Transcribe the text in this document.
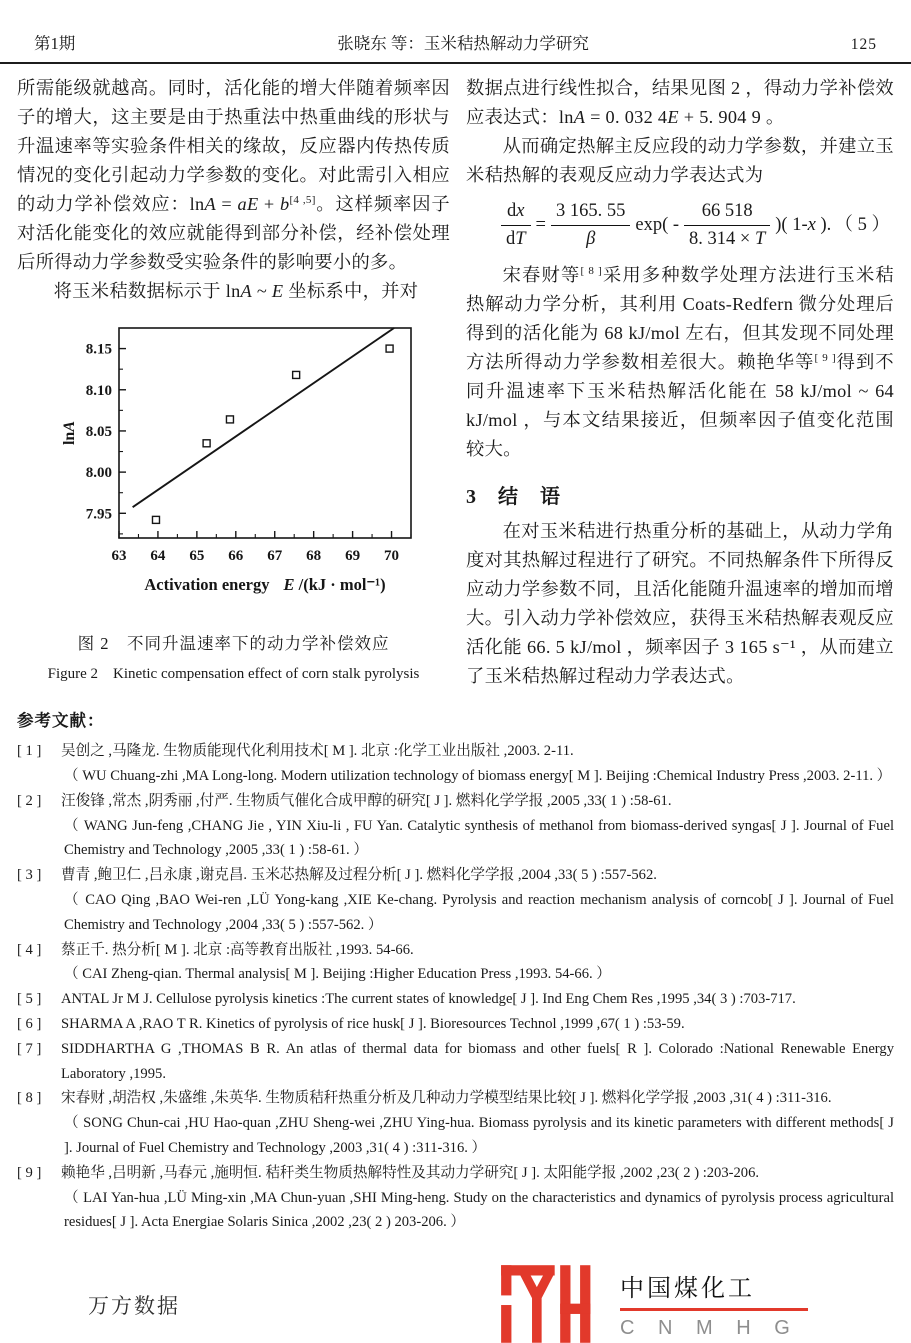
第1期	张晓东 等：玉米秸热解动力学研究	125

所需能级就越高。同时，活化能的增大伴随着频率因子的增大，这主要是由于热重法中热重曲线的形状与升温速率等实验条件相关的缘故，反应器内传热传质情况的变化引起动力学参数的变化。对此需引入相应的动力学补偿效应：lnA = aE + b[4 ,5]。这样频率因子对活化能变化的效应就能得到部分补偿，经补偿处理后所得动力学参数受实验条件的影响要小的多。

将玉米秸数据标示于 lnA ~ E 坐标系中，并对

63 64 65 66 67 68 69 70
7.95
8.00
8.05
8.10
8.15
Activation energy E /(kJ · mol⁻¹)
lnA
图 2　不同升温速率下的动力学补偿效应
Figure 2　Kinetic compensation effect of corn stalk pyrolysis

数据点进行线性拟合，结果见图 2 ，得动力学补偿效应表达式：lnA = 0. 032 4E + 5. 904 9 。

从而确定热解主反应段的动力学参数，并建立玉米秸热解的表观反应动力学表达式为

$\frac{dx}{dT} = \frac{3 165. 55}{\beta} \exp( - \frac{66 518}{8. 314 \times T}$ )( 1-x ). （ 5 ）

宋春财等[ 8 ]采用多种数学处理方法进行玉米秸热解动力学分析，其利用 Coats-Redfern 微分处理后得到的活化能为 68 kJ/mol 左右，但其发现不同处理方法所得动力学参数相差很大。赖艳华等[ 9 ]得到不同升温速率下玉米秸热解活化能在 58 kJ/mol ~ 64 kJ/mol ，与本文结果接近，但频率因子值变化范围较大。

3　结　语

在对玉米秸进行热重分析的基础上，从动力学角度对其热解过程进行了研究。不同热解条件下所得反应动力学参数不同，且活化能随升温速率的增加而增大。引入动力学补偿效应，获得玉米秸热解表观反应活化能 66. 5 kJ/mol ，频率因子 3 165 s⁻¹ ，从而建立了玉米秸热解过程动力学表达式。

参考文献：
[ 1 ]	吴创之 ,马隆龙. 生物质能现代化利用技术[ M ]. 北京 :化学工业出版社 ,2003. 2-11.
（ WU Chuang-zhi ,MA Long-long. Modern utilization technology of biomass energy[ M ]. Beijing :Chemical Industry Press ,2003. 2-11. ）
[ 2 ]	汪俊锋 ,常杰 ,阴秀丽 ,付严. 生物质气催化合成甲醇的研究[ J ]. 燃料化学学报 ,2005 ,33( 1 ) :58-61.
（ WANG Jun-feng ,CHANG Jie , YIN Xiu-li , FU Yan. Catalytic synthesis of methanol from biomass-derived syngas[ J ]. Journal of Fuel Chemistry and Technology ,2005 ,33( 1 ) :58-61. ）
[ 3 ]	曹青 ,鲍卫仁 ,吕永康 ,谢克昌. 玉米芯热解及过程分析[ J ]. 燃料化学学报 ,2004 ,33( 5 ) :557-562.
（ CAO Qing ,BAO Wei-ren ,LÜ Yong-kang ,XIE Ke-chang. Pyrolysis and reaction mechanism analysis of corncob[ J ]. Journal of Fuel Chemistry and Technology ,2004 ,33( 5 ) :557-562. ）
[ 4 ]	蔡正千. 热分析[ M ]. 北京 :高等教育出版社 ,1993. 54-66.
（ CAI Zheng-qian. Thermal analysis[ M ]. Beijing :Higher Education Press ,1993. 54-66. ）
[ 5 ]	ANTAL Jr M J. Cellulose pyrolysis kinetics :The current states of knowledge[ J ]. Ind Eng Chem Res ,1995 ,34( 3 ) :703-717.
[ 6 ]	SHARMA A ,RAO T R. Kinetics of pyrolysis of rice husk[ J ]. Bioresources Technol ,1999 ,67( 1 ) :53-59.
[ 7 ]	SIDDHARTHA G ,THOMAS B R. An atlas of thermal data for biomass and other fuels[ R ]. Colorado :National Renewable Energy Laboratory ,1995.
[ 8 ]	宋春财 ,胡浩权 ,朱盛维 ,朱英华. 生物质秸秆热重分析及几种动力学模型结果比较[ J ]. 燃料化学学报 ,2003 ,31( 4 ) :311-316.
（ SONG Chun-cai ,HU Hao-quan ,ZHU Sheng-wei ,ZHU Ying-hua. Biomass pyrolysis and its kinetic parameters with different methods[ J ]. Journal of Fuel Chemistry and Technology ,2003 ,31( 4 ) :311-316. ）
[ 9 ]	赖艳华 ,吕明新 ,马春元 ,施明恒. 秸秆类生物质热解特性及其动力学研究[ J ]. 太阳能学报 ,2002 ,23( 2 ) :203-206.
（ LAI Yan-hua ,LÜ Ming-xin ,MA Chun-yuan ,SHI Ming-heng. Study on the characteristics and dynamics of pyrolysis process agricultural residues[ J ]. Acta Energiae Solaris Sinica ,2002 ,23( 2 ) 203-206. ）
中国煤化工
C N M H G
万方数据
